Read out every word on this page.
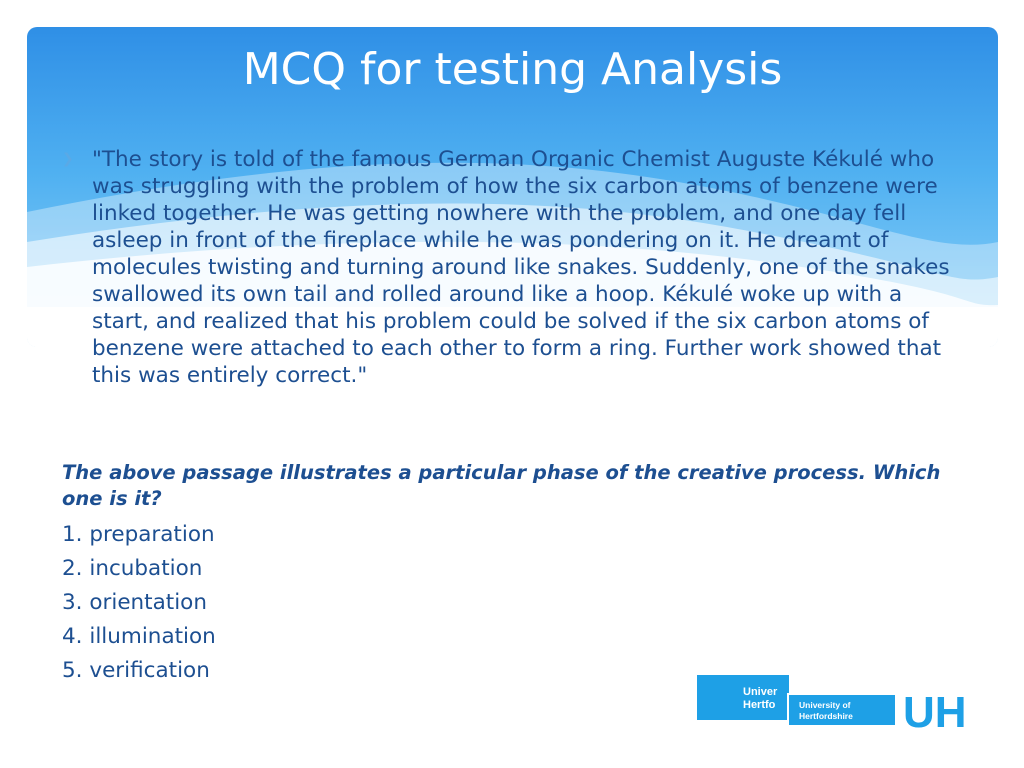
MCQ for testing Analysis
❯ "The story is told of the famous German Organic Chemist Auguste Kékulé who was struggling with the problem of how the six carbon atoms of benzene were linked together. He was getting nowhere with the problem, and one day fell asleep in front of the fireplace while he was pondering on it. He dreamt of molecules twisting and turning around like snakes. Suddenly, one of the snakes swallowed its own tail and rolled around like a hoop. Kékulé woke up with a start, and realized that his problem could be solved if the six carbon atoms of benzene were attached to each other to form a ring. Further work showed that this was entirely correct."

The above passage illustrates a particular phase of the creative process. Which one is it?

1. preparation
2. incubation
3. orientation
4. illumination
5. verification
Univer
Hertfo	University of
Hertfordshire UH
